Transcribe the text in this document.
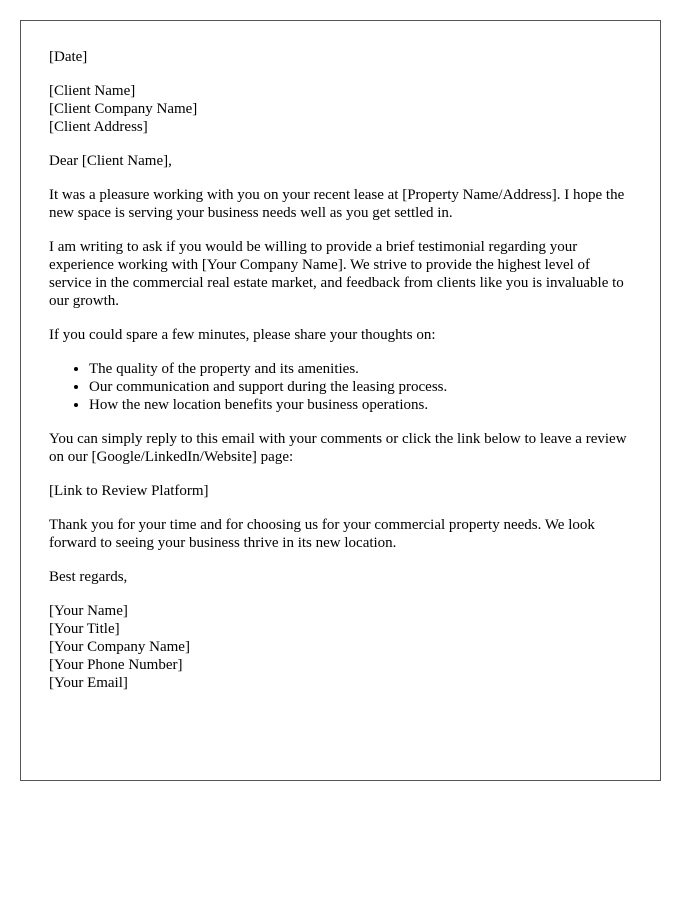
[Date]

[Client Name]
[Client Company Name]
[Client Address]

Dear [Client Name],

It was a pleasure working with you on your recent lease at [Property Name/Address]. I hope the new space is serving your business needs well as you get settled in.

I am writing to ask if you would be willing to provide a brief testimonial regarding your experience working with [Your Company Name]. We strive to provide the highest level of service in the commercial real estate market, and feedback from clients like you is invaluable to our growth.

If you could spare a few minutes, please share your thoughts on:

• The quality of the property and its amenities.
• Our communication and support during the leasing process.
• How the new location benefits your business operations.

You can simply reply to this email with your comments or click the link below to leave a review on our [Google/LinkedIn/Website] page:

[Link to Review Platform]

Thank you for your time and for choosing us for your commercial property needs. We look forward to seeing your business thrive in its new location.

Best regards,

[Your Name]
[Your Title]
[Your Company Name]
[Your Phone Number]
[Your Email]
